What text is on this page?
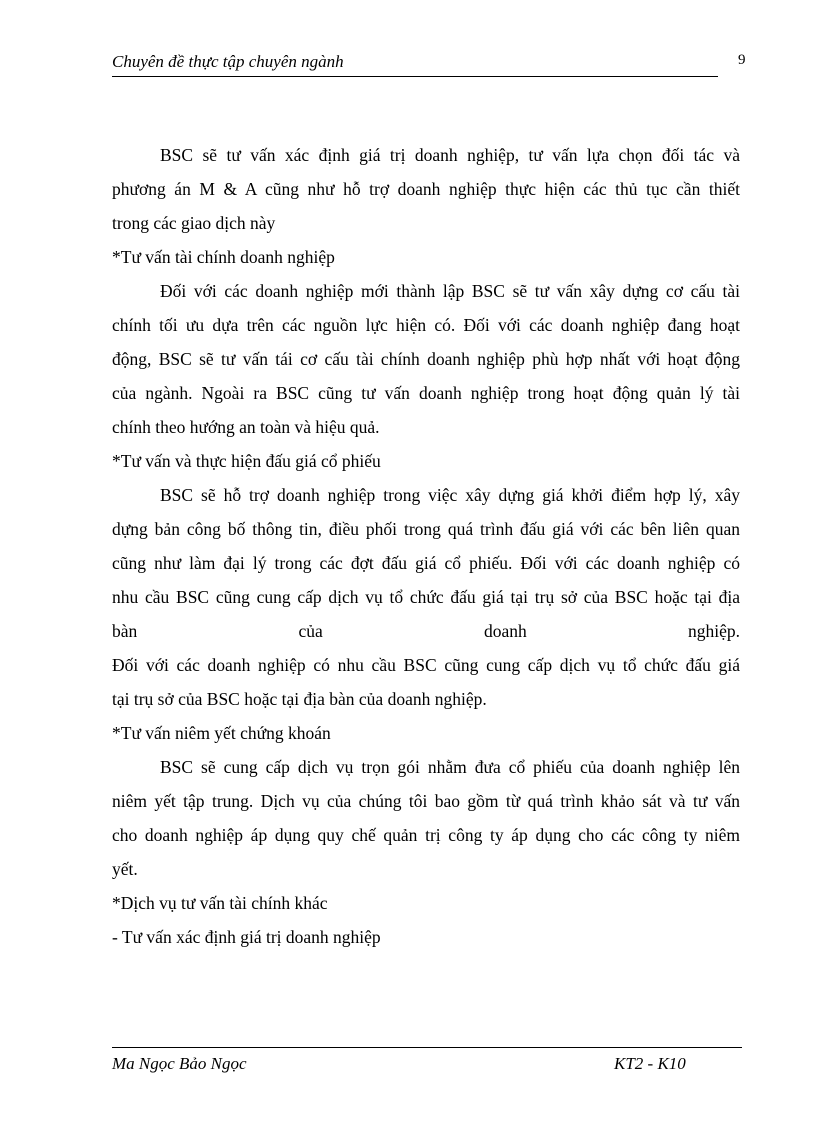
Chuyên đề thực tập chuyên ngành	9
BSC sẽ tư vấn xác định giá trị doanh nghiệp, tư vấn lựa chọn đối tác và
phương án M & A cũng như hỗ trợ doanh nghiệp thực hiện các thủ tục cần thiết
trong các giao dịch này
*Tư vấn tài chính doanh nghiệp
Đối với các doanh nghiệp mới thành lập BSC sẽ tư vấn xây dựng cơ cấu tài
chính tối ưu dựa trên các nguồn lực hiện có. Đối với các doanh nghiệp đang hoạt
động, BSC sẽ tư vấn tái cơ cấu tài chính doanh nghiệp phù hợp nhất với hoạt động
của ngành. Ngoài ra BSC cũng tư vấn doanh nghiệp trong hoạt động quản lý tài
chính theo hướng an toàn và hiệu quả.
*Tư vấn và thực hiện đấu giá cổ phiếu
BSC sẽ hỗ trợ doanh nghiệp trong việc xây dựng giá khởi điểm hợp lý, xây
dựng bản công bố thông tin, điều phối trong quá trình đấu giá với các bên liên quan
cũng như làm đại lý trong các đợt đấu giá cổ phiếu. Đối với các doanh nghiệp có
nhu cầu BSC cũng cung cấp dịch vụ tổ chức đấu giá tại trụ sở của BSC hoặc tại địa
bàn của doanh nghiệp.
Đối với các doanh nghiệp có nhu cầu BSC cũng cung cấp dịch vụ tổ chức đấu giá
tại trụ sở của BSC hoặc tại địa bàn của doanh nghiệp.
*Tư vấn niêm yết chứng khoán
BSC sẽ cung cấp dịch vụ trọn gói nhằm đưa cổ phiếu của doanh nghiệp lên
niêm yết tập trung. Dịch vụ của chúng tôi bao gồm từ quá trình khảo sát và tư vấn
cho doanh nghiệp áp dụng quy chế quản trị công ty áp dụng cho các công ty niêm
yết.
*Dịch vụ tư vấn tài chính khác
- Tư vấn xác định giá trị doanh nghiệp
Ma Ngọc Bảo Ngọc	KT2 - K10
